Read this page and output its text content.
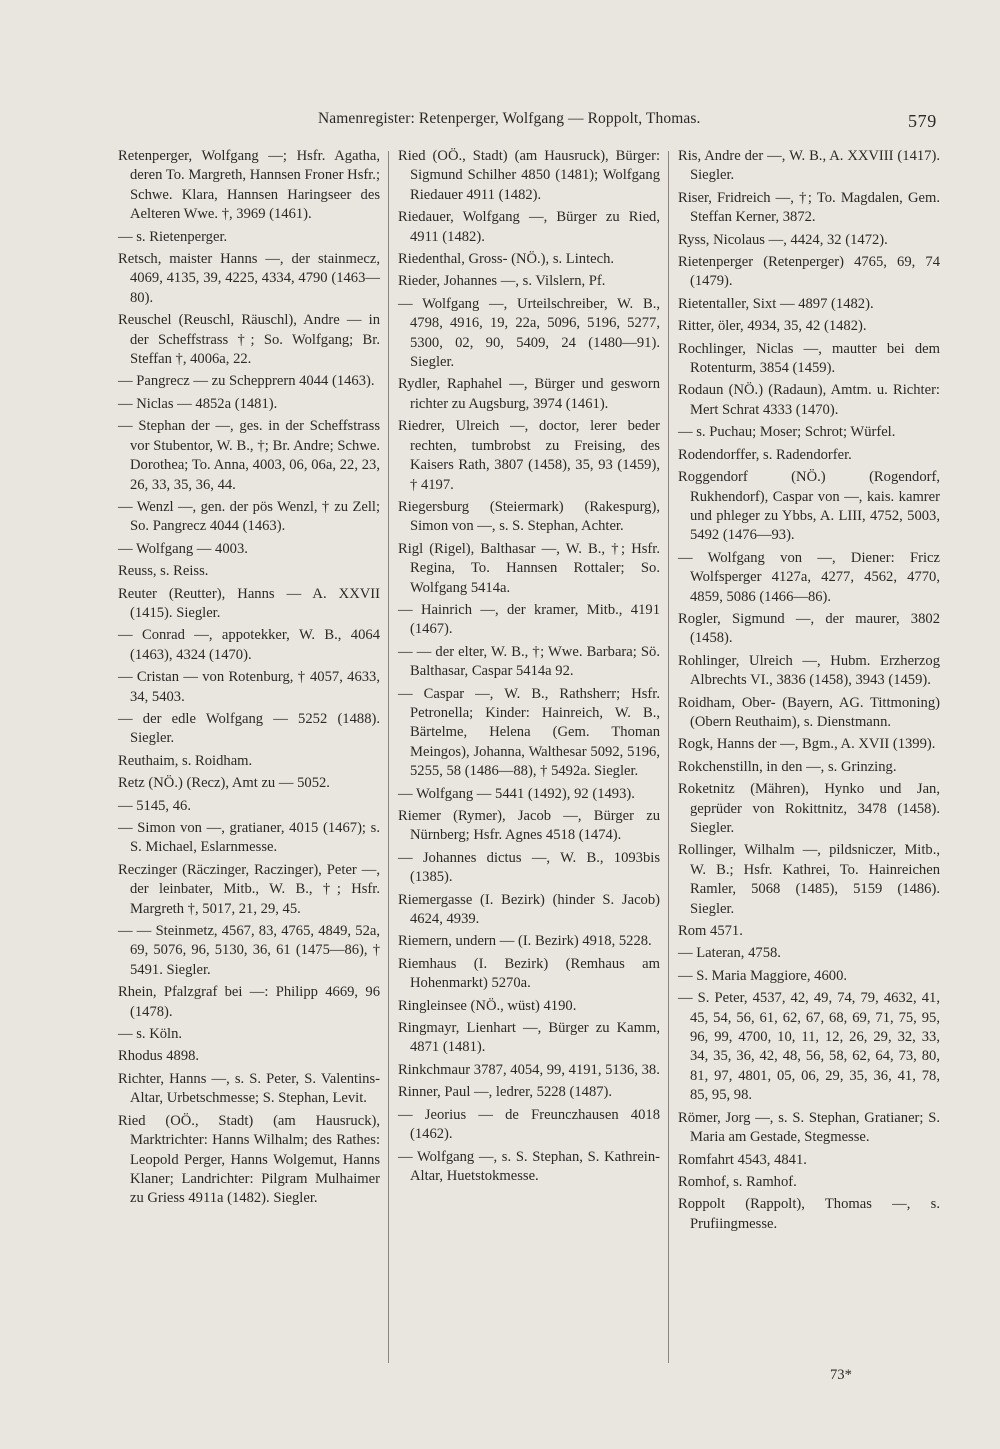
Namenregister: Retenperger, Wolfgang — Roppolt, Thomas.	579

Retenperger, Wolfgang —; Hsfr. Agatha, deren To. Margreth, Hannsen Froner Hsfr.; Schwe. Klara, Hannsen Haringseer des Aelteren Wwe. †, 3969 (1461).

— s. Rietenperger.

Retsch, maister Hanns —, der stainmecz, 4069, 4135, 39, 4225, 4334, 4790 (1463—80).

Reuschel (Reuschl, Räuschl), Andre — in der Scheffstrass †; So. Wolfgang; Br. Steffan †, 4006a, 22.

— Pangrecz — zu Schepprern 4044 (1463).

— Niclas — 4852a (1481).

— Stephan der —, ges. in der Scheffstrass vor Stubentor, W. B., †; Br. Andre; Schwe. Dorothea; To. Anna, 4003, 06, 06a, 22, 23, 26, 33, 35, 36, 44.

— Wenzl —, gen. der pös Wenzl, † zu Zell; So. Pangrecz 4044 (1463).

— Wolfgang — 4003.

Reuss, s. Reiss.

Reuter (Reutter), Hanns — A. XXVII (1415). Siegler.

— Conrad —, appotekker, W. B., 4064 (1463), 4324 (1470).

— Cristan — von Rotenburg, † 4057, 4633, 34, 5403.

— der edle Wolfgang — 5252 (1488). Siegler.

Reuthaim, s. Roidham.

Retz (NÖ.) (Recz), Amt zu — 5052.

— 5145, 46.

— Simon von —, gratianer, 4015 (1467); s. S. Michael, Eslarnmesse.

Reczinger (Räczinger, Raczinger), Peter —, der leinbater, Mitb., W. B., †; Hsfr. Margreth †, 5017, 21, 29, 45.

— — Steinmetz, 4567, 83, 4765, 4849, 52a, 69, 5076, 96, 5130, 36, 61 (1475—86), † 5491. Siegler.

Rhein, Pfalzgraf bei —: Philipp 4669, 96 (1478).

— s. Köln.

Rhodus 4898.

Richter, Hanns —, s. S. Peter, S. Valentins-Altar, Urbetschmesse; S. Stephan, Levit.

Ried (OÖ., Stadt) (am Hausruck), Marktrichter: Hanns Wilhalm; des Rathes: Leopold Perger, Hanns Wolgemut, Hanns Klaner; Landrichter: Pilgram Mulhaimer zu Griess 4911a (1482). Siegler.

Ried (OÖ., Stadt) (am Hausruck), Bürger: Sigmund Schilher 4850 (1481); Wolfgang Riedauer 4911 (1482).

Riedauer, Wolfgang —, Bürger zu Ried, 4911 (1482).

Riedenthal, Gross- (NÖ.), s. Lintech.

Rieder, Johannes —, s. Vilslern, Pf.

— Wolfgang —, Urteilschreiber, W. B., 4798, 4916, 19, 22a, 5096, 5196, 5277, 5300, 02, 90, 5409, 24 (1480—91). Siegler.

Rydler, Raphahel —, Bürger und gesworn richter zu Augsburg, 3974 (1461).

Riedrer, Ulreich —, doctor, lerer beder rechten, tumbrobst zu Freising, des Kaisers Rath, 3807 (1458), 35, 93 (1459), † 4197.

Riegersburg (Steiermark) (Rakespurg), Simon von —, s. S. Stephan, Achter.

Rigl (Rigel), Balthasar —, W. B., †; Hsfr. Regina, To. Hannsen Rottaler; So. Wolfgang 5414a.

— Hainrich —, der kramer, Mitb., 4191 (1467).

— — der elter, W. B., †; Wwe. Barbara; Sö. Balthasar, Caspar 5414a 92.

— Caspar —, W. B., Rathsherr; Hsfr. Petronella; Kinder: Hainreich, W. B., Bärtelme, Helena (Gem. Thoman Meingos), Johanna, Walthesar 5092, 5196, 5255, 58 (1486—88), † 5492a. Siegler.

— Wolfgang — 5441 (1492), 92 (1493).

Riemer (Rymer), Jacob —, Bürger zu Nürnberg; Hsfr. Agnes 4518 (1474).

— Johannes dictus —, W. B., 1093bis (1385).

Riemergasse (I. Bezirk) (hinder S. Jacob) 4624, 4939.

Riemern, undern — (I. Bezirk) 4918, 5228.

Riemhaus (I. Bezirk) (Remhaus am Hohenmarkt) 5270a.

Ringleinsee (NÖ., wüst) 4190.

Ringmayr, Lienhart —, Bürger zu Kamm, 4871 (1481).

Rinkchmaur 3787, 4054, 99, 4191, 5136, 38.

Rinner, Paul —, ledrer, 5228 (1487).

— Jeorius — de Freunczhausen 4018 (1462).

— Wolfgang —, s. S. Stephan, S. Kathrein-Altar, Huetstokmesse.

Ris, Andre der —, W. B., A. XXVIII (1417). Siegler.

Riser, Fridreich —, †; To. Magdalen, Gem. Steffan Kerner, 3872.

Ryss, Nicolaus —, 4424, 32 (1472).

Rietenperger (Retenperger) 4765, 69, 74 (1479).

Rietentaller, Sixt — 4897 (1482).

Ritter, öler, 4934, 35, 42 (1482).

Rochlinger, Niclas —, mautter bei dem Rotenturm, 3854 (1459).

Rodaun (NÖ.) (Radaun), Amtm. u. Richter: Mert Schrat 4333 (1470).

— s. Puchau; Moser; Schrot; Würfel.

Rodendorffer, s. Radendorfer.

Roggendorf (NÖ.) (Rogendorf, Rukhendorf), Caspar von —, kais. kamrer und phleger zu Ybbs, A. LIII, 4752, 5003, 5492 (1476—93).

— Wolfgang von —, Diener: Fricz Wolfsperger 4127a, 4277, 4562, 4770, 4859, 5086 (1466—86).

Rogler, Sigmund —, der maurer, 3802 (1458).

Rohlinger, Ulreich —, Hubm. Erzherzog Albrechts VI., 3836 (1458), 3943 (1459).

Roidham, Ober- (Bayern, AG. Tittmoning) (Obern Reuthaim), s. Dienstmann.

Rogk, Hanns der —, Bgm., A. XVII (1399).

Rokchenstilln, in den —, s. Grinzing.

Roketnitz (Mähren), Hynko und Jan, geprüder von Rokittnitz, 3478 (1458). Siegler.

Rollinger, Wilhalm —, pildsniczer, Mitb., W. B.; Hsfr. Kathrei, To. Hainreichen Ramler, 5068 (1485), 5159 (1486). Siegler.

Rom 4571.

— Lateran, 4758.

— S. Maria Maggiore, 4600.

— S. Peter, 4537, 42, 49, 74, 79, 4632, 41, 45, 54, 56, 61, 62, 67, 68, 69, 71, 75, 95, 96, 99, 4700, 10, 11, 12, 26, 29, 32, 33, 34, 35, 36, 42, 48, 56, 58, 62, 64, 73, 80, 81, 97, 4801, 05, 06, 29, 35, 36, 41, 78, 85, 95, 98.

Römer, Jorg —, s. S. Stephan, Gratianer; S. Maria am Gestade, Stegmesse.

Romfahrt 4543, 4841.

Romhof, s. Ramhof.

Roppolt (Rappolt), Thomas —, s. Prufiingmesse.

73*
